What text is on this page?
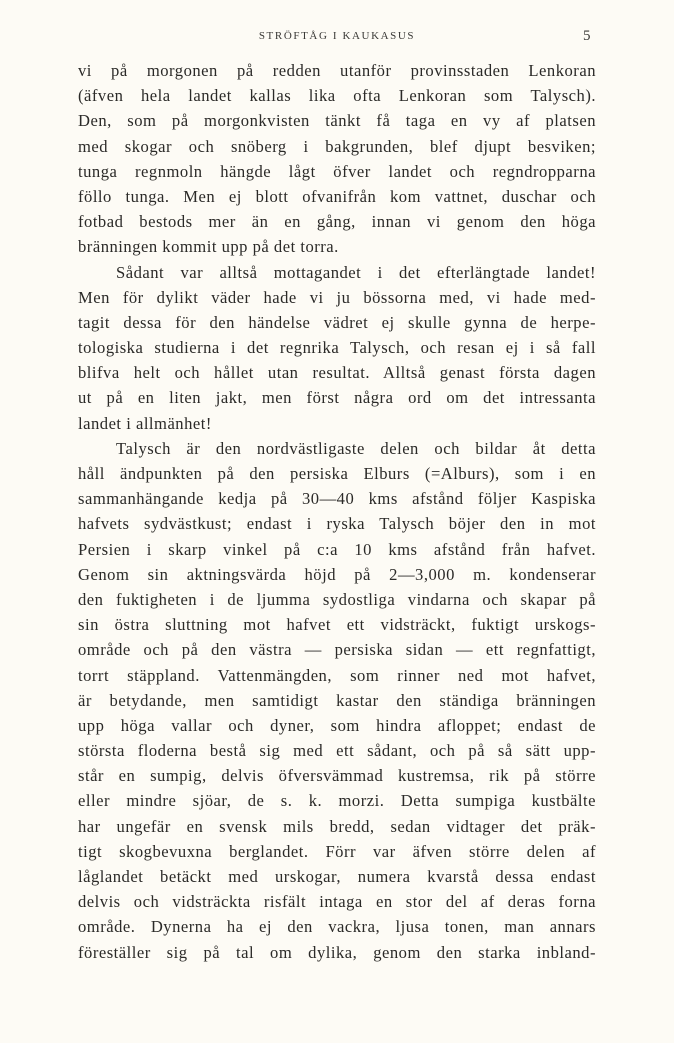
STRÖFTÅG I KAUKASUS	5
vi på morgonen på redden utanför provinsstaden Lenkoran
(äfven hela landet kallas lika ofta Lenkoran som Talysch).
Den, som på morgonkvisten tänkt få taga en vy af platsen
med skogar och snöberg i bakgrunden, blef djupt besviken;
tunga regnmoln hängde lågt öfver landet och regndropparna
föllo tunga. Men ej blott ofvanifrån kom vattnet, duschar och
fotbad bestods mer än en gång, innan vi genom den höga
bränningen kommit upp på det torra.
Sådant var alltså mottagandet i det efterlängtade landet!
Men för dylikt väder hade vi ju bössorna med, vi hade med-
tagit dessa för den händelse vädret ej skulle gynna de herpe-
tologiska studierna i det regnrika Talysch, och resan ej i så fall
blifva helt och hållet utan resultat. Alltså genast första dagen
ut på en liten jakt, men först några ord om det intressanta
landet i allmänhet!
Talysch är den nordvästligaste delen och bildar åt detta
håll ändpunkten på den persiska Elburs (=Alburs), som i en
sammanhängande kedja på 30—40 kms afstånd följer Kaspiska
hafvets sydvästkust; endast i ryska Talysch böjer den in mot
Persien i skarp vinkel på c:a 10 kms afstånd från hafvet.
Genom sin aktningsvärda höjd på 2—3,000 m. kondenserar
den fuktigheten i de ljumma sydostliga vindarna och skapar på
sin östra sluttning mot hafvet ett vidsträckt, fuktigt urskogs-
område och på den västra — persiska sidan — ett regnfattigt,
torrt stäppland. Vattenmängden, som rinner ned mot hafvet,
är betydande, men samtidigt kastar den ständiga bränningen
upp höga vallar och dyner, som hindra afloppet; endast de
största floderna bestå sig med ett sådant, och på så sätt upp-
står en sumpig, delvis öfversvämmad kustremsa, rik på större
eller mindre sjöar, de s. k. morzi. Detta sumpiga kustbälte
har ungefär en svensk mils bredd, sedan vidtager det präk-
tigt skogbevuxna berglandet. Förr var äfven större delen af
låglandet betäckt med urskogar, numera kvarstå dessa endast
delvis och vidsträckta risfält intaga en stor del af deras forna
område. Dynerna ha ej den vackra, ljusa tonen, man annars
föreställer sig på tal om dylika, genom den starka inbland-
